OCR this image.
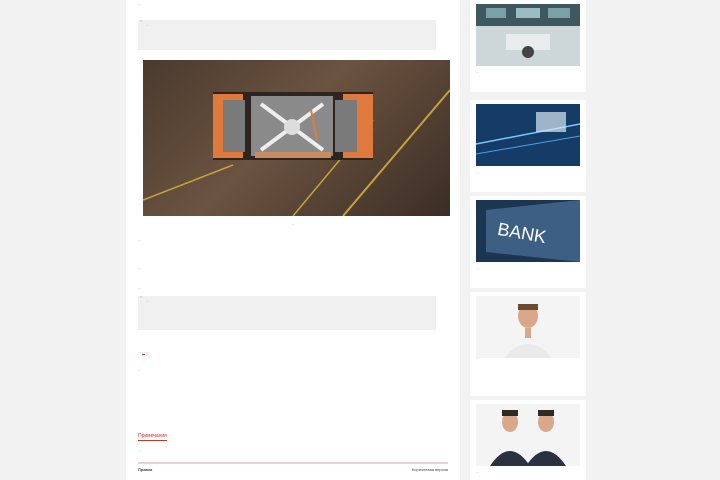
...

“ ...

...

...

...

...

“ ...

... ... ...

...

Примечания
...
Правка	Коричневая версия

...

...

BANK

...

...

...
